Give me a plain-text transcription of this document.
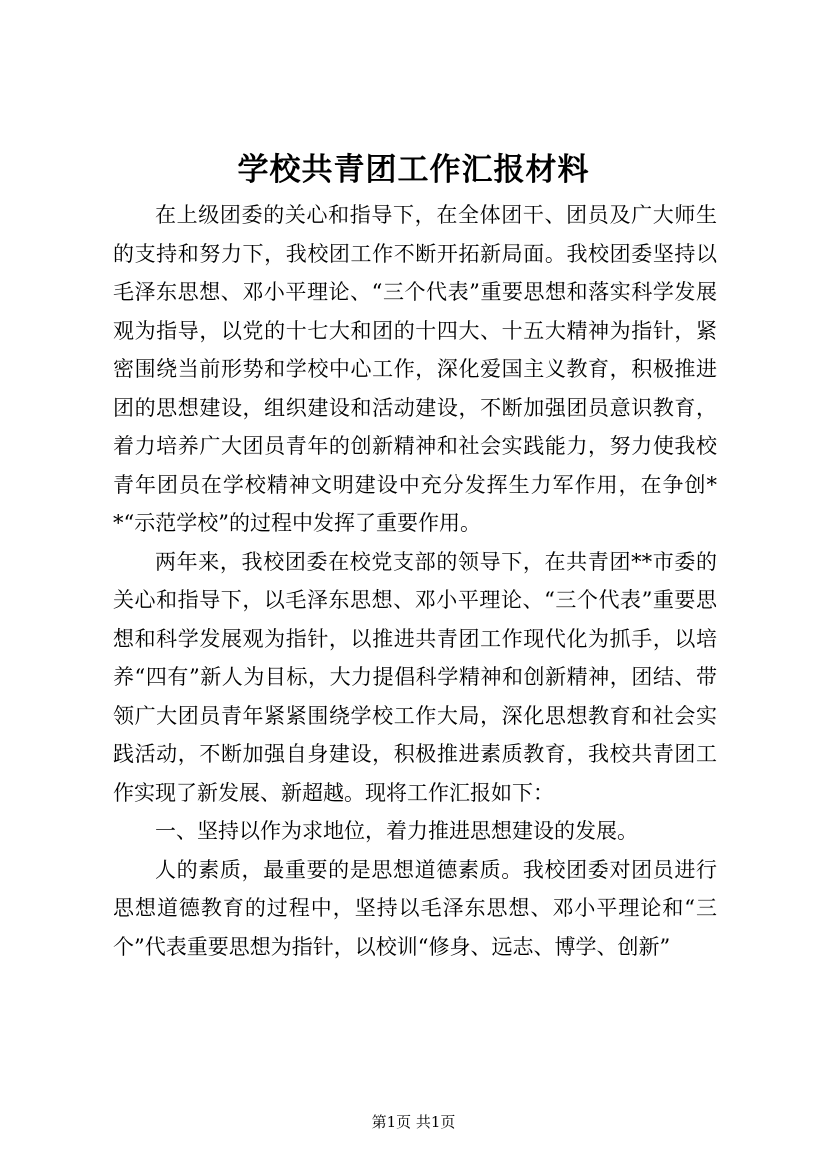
学校共青团工作汇报材料

在上级团委的关心和指导下，在全体团干、团员及广大师生的支持和努力下，我校团工作不断开拓新局面。我校团委坚持以毛泽东思想、邓小平理论、“三个代表”重要思想和落实科学发展观为指导，以党的十七大和团的十四大、十五大精神为指针，紧密围绕当前形势和学校中心工作，深化爱国主义教育，积极推进团的思想建设，组织建设和活动建设，不断加强团员意识教育，着力培养广大团员青年的创新精神和社会实践能力，努力使我校青年团员在学校精神文明建设中充分发挥生力军作用，在争创**“示范学校”的过程中发挥了重要作用。

两年来，我校团委在校党支部的领导下，在共青团**市委的关心和指导下，以毛泽东思想、邓小平理论、“三个代表”重要思想和科学发展观为指针，以推进共青团工作现代化为抓手，以培养“四有”新人为目标，大力提倡科学精神和创新精神，团结、带领广大团员青年紧紧围绕学校工作大局，深化思想教育和社会实践活动，不断加强自身建设，积极推进素质教育，我校共青团工作实现了新发展、新超越。现将工作汇报如下：

一、坚持以作为求地位，着力推进思想建设的发展。

人的素质，最重要的是思想道德素质。我校团委对团员进行思想道德教育的过程中，坚持以毛泽东思想、邓小平理论和“三个”代表重要思想为指针，以校训“修身、远志、博学、创新”

第1页 共1页
